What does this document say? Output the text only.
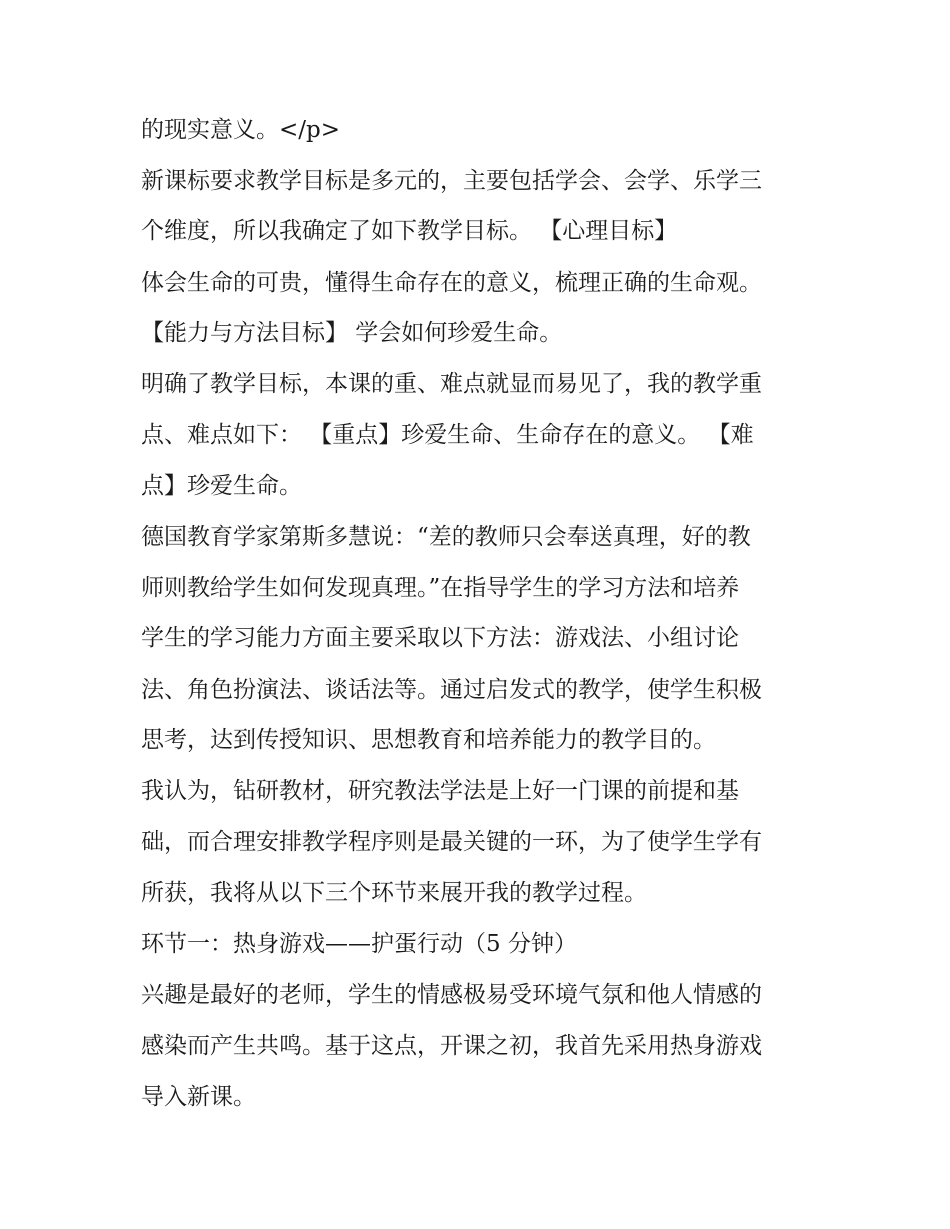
的现实意义。</p>
新课标要求教学目标是多元的，主要包括学会、会学、乐学三
个维度，所以我确定了如下教学目标。 【心理目标】
体会生命的可贵，懂得生命存在的意义，梳理正确的生命观。
【能力与方法目标】 学会如何珍爱生命。
明确了教学目标，本课的重、难点就显而易见了，我的教学重
点、难点如下： 【重点】珍爱生命、生命存在的意义。 【难
点】珍爱生命。
德国教育学家第斯多慧说：“差的教师只会奉送真理，好的教
师则教给学生如何发现真理。”在指导学生的学习方法和培养
学生的学习能力方面主要采取以下方法：游戏法、小组讨论
法、角色扮演法、谈话法等。通过启发式的教学，使学生积极
思考，达到传授知识、思想教育和培养能力的教学目的。
我认为，钻研教材，研究教法学法是上好一门课的前提和基
础，而合理安排教学程序则是最关键的一环，为了使学生学有
所获，我将从以下三个环节来展开我的教学过程。
环节一：热身游戏——护蛋行动（5 分钟）
兴趣是最好的老师，学生的情感极易受环境气氛和他人情感的
感染而产生共鸣。基于这点，开课之初，我首先采用热身游戏
导入新课。
